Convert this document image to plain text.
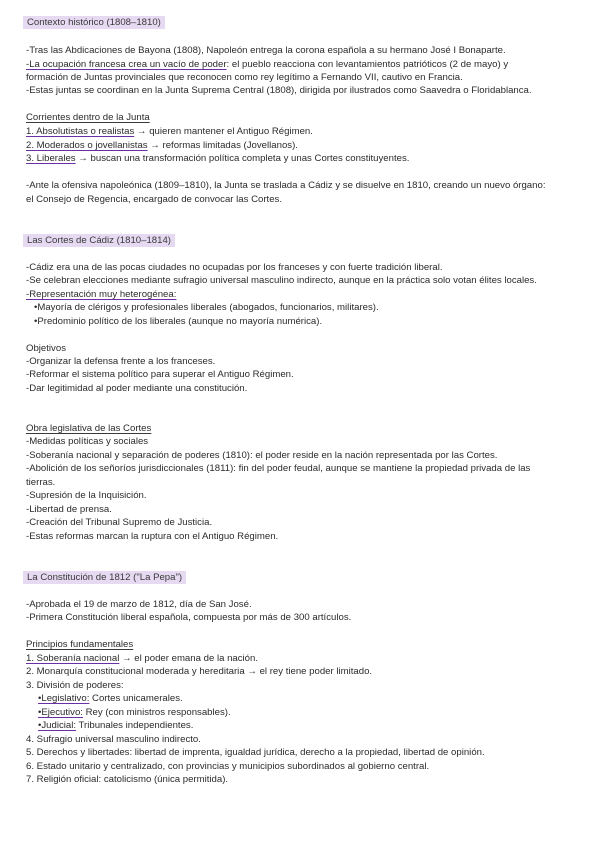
Contexto histórico (1808–1810)
-Tras las Abdicaciones de Bayona (1808), Napoleón entrega la corona española a su hermano José I Bonaparte.
-La ocupación francesa crea un vacío de poder: el pueblo reacciona con levantamientos patrióticos (2 de mayo) y
formación de Juntas provinciales que reconocen como rey legítimo a Fernando VII, cautivo en Francia.
-Estas juntas se coordinan en la Junta Suprema Central (1808), dirigida por ilustrados como Saavedra o Floridablanca.
Corrientes dentro de la Junta
1. Absolutistas o realistas → quieren mantener el Antiguo Régimen.
2. Moderados o jovellanistas → reformas limitadas (Jovellanos).
3. Liberales → buscan una transformación política completa y unas Cortes constituyentes.
-Ante la ofensiva napoleónica (1809–1810), la Junta se traslada a Cádiz y se disuelve en 1810, creando un nuevo órgano:
el Consejo de Regencia, encargado de convocar las Cortes.
Las Cortes de Cádiz (1810–1814)
-Cádiz era una de las pocas ciudades no ocupadas por los franceses y con fuerte tradición liberal.
-Se celebran elecciones mediante sufragio universal masculino indirecto, aunque en la práctica solo votan élites locales.
-Representación muy heterogénea:
•Mayoría de clérigos y profesionales liberales (abogados, funcionarios, militares).
•Predominio político de los liberales (aunque no mayoría numérica).
Objetivos
-Organizar la defensa frente a los franceses.
-Reformar el sistema político para superar el Antiguo Régimen.
-Dar legitimidad al poder mediante una constitución.
Obra legislativa de las Cortes
-Medidas políticas y sociales
-Soberanía nacional y separación de poderes (1810): el poder reside en la nación representada por las Cortes.
-Abolición de los señoríos jurisdiccionales (1811): fin del poder feudal, aunque se mantiene la propiedad privada de las
tierras.
-Supresión de la Inquisición.
-Libertad de prensa.
-Creación del Tribunal Supremo de Justicia.
-Estas reformas marcan la ruptura con el Antiguo Régimen.
La Constitución de 1812 ("La Pepa")
-Aprobada el 19 de marzo de 1812, día de San José.
-Primera Constitución liberal española, compuesta por más de 300 artículos.
Principios fundamentales
1. Soberanía nacional → el poder emana de la nación.
2. Monarquía constitucional moderada y hereditaria → el rey tiene poder limitado.
3. División de poderes:
•Legislativo: Cortes unicamerales.
•Ejecutivo: Rey (con ministros responsables).
•Judicial: Tribunales independientes.
4. Sufragio universal masculino indirecto.
5. Derechos y libertades: libertad de imprenta, igualdad jurídica, derecho a la propiedad, libertad de opinión.
6. Estado unitario y centralizado, con provincias y municipios subordinados al gobierno central.
7. Religión oficial: catolicismo (única permitida).
